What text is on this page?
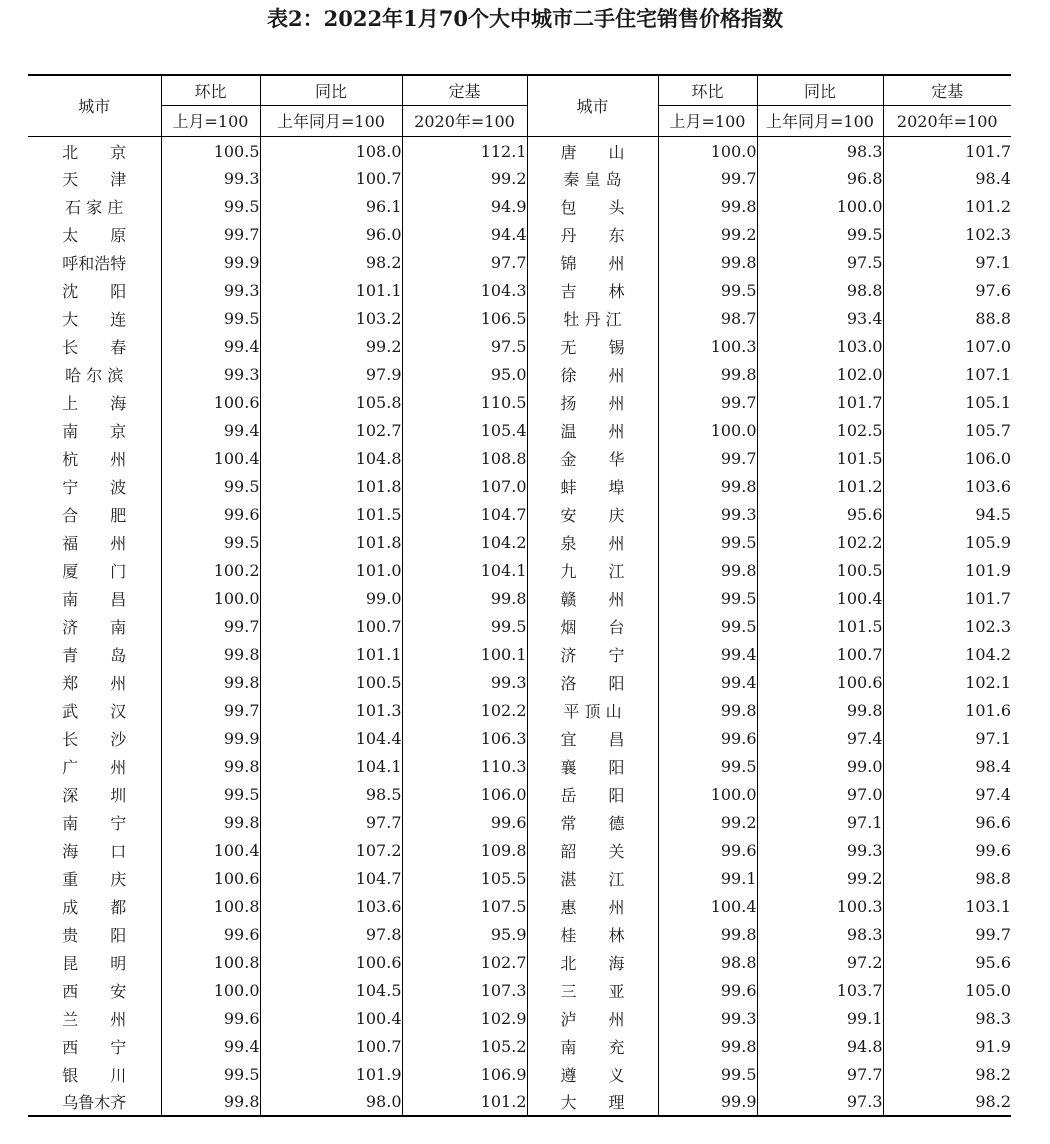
表2：2022年1月70个大中城市二手住宅销售价格指数
城市	环比	同比	定基	城市	环比	同比	定基
	上月=100	上年同月=100	2020年=100		上月=100	上年同月=100	2020年=100
北　　京	100.5	108.0	112.1	唐　　山	100.0	98.3	101.7
天　　津	99.3	100.7	99.2	秦 皇 岛	99.7	96.8	98.4
石 家 庄	99.5	96.1	94.9	包　　头	99.8	100.0	101.2
太　　原	99.7	96.0	94.4	丹　　东	99.2	99.5	102.3
呼和浩特	99.9	98.2	97.7	锦　　州	99.8	97.5	97.1
沈　　阳	99.3	101.1	104.3	吉　　林	99.5	98.8	97.6
大　　连	99.5	103.2	106.5	牡 丹 江	98.7	93.4	88.8
长　　春	99.4	99.2	97.5	无　　锡	100.3	103.0	107.0
哈 尔 滨	99.3	97.9	95.0	徐　　州	99.8	102.0	107.1
上　　海	100.6	105.8	110.5	扬　　州	99.7	101.7	105.1
南　　京	99.4	102.7	105.4	温　　州	100.0	102.5	105.7
杭　　州	100.4	104.8	108.8	金　　华	99.7	101.5	106.0
宁　　波	99.5	101.8	107.0	蚌　　埠	99.8	101.2	103.6
合　　肥	99.6	101.5	104.7	安　　庆	99.3	95.6	94.5
福　　州	99.5	101.8	104.2	泉　　州	99.5	102.2	105.9
厦　　门	100.2	101.0	104.1	九　　江	99.8	100.5	101.9
南　　昌	100.0	99.0	99.8	赣　　州	99.5	100.4	101.7
济　　南	99.7	100.7	99.5	烟　　台	99.5	101.5	102.3
青　　岛	99.8	101.1	100.1	济　　宁	99.4	100.7	104.2
郑　　州	99.8	100.5	99.3	洛　　阳	99.4	100.6	102.1
武　　汉	99.7	101.3	102.2	平 顶 山	99.8	99.8	101.6
长　　沙	99.9	104.4	106.3	宜　　昌	99.6	97.4	97.1
广　　州	99.8	104.1	110.3	襄　　阳	99.5	99.0	98.4
深　　圳	99.5	98.5	106.0	岳　　阳	100.0	97.0	97.4
南　　宁	99.8	97.7	99.6	常　　德	99.2	97.1	96.6
海　　口	100.4	107.2	109.8	韶　　关	99.6	99.3	99.6
重　　庆	100.6	104.7	105.5	湛　　江	99.1	99.2	98.8
成　　都	100.8	103.6	107.5	惠　　州	100.4	100.3	103.1
贵　　阳	99.6	97.8	95.9	桂　　林	99.8	98.3	99.7
昆　　明	100.8	100.6	102.7	北　　海	98.8	97.2	95.6
西　　安	100.0	104.5	107.3	三　　亚	99.6	103.7	105.0
兰　　州	99.6	100.4	102.9	泸　　州	99.3	99.1	98.3
西　　宁	99.4	100.7	105.2	南　　充	99.8	94.8	91.9
银　　川	99.5	101.9	106.9	遵　　义	99.5	97.7	98.2
乌鲁木齐	99.8	98.0	101.2	大　　理	99.9	97.3	98.2
